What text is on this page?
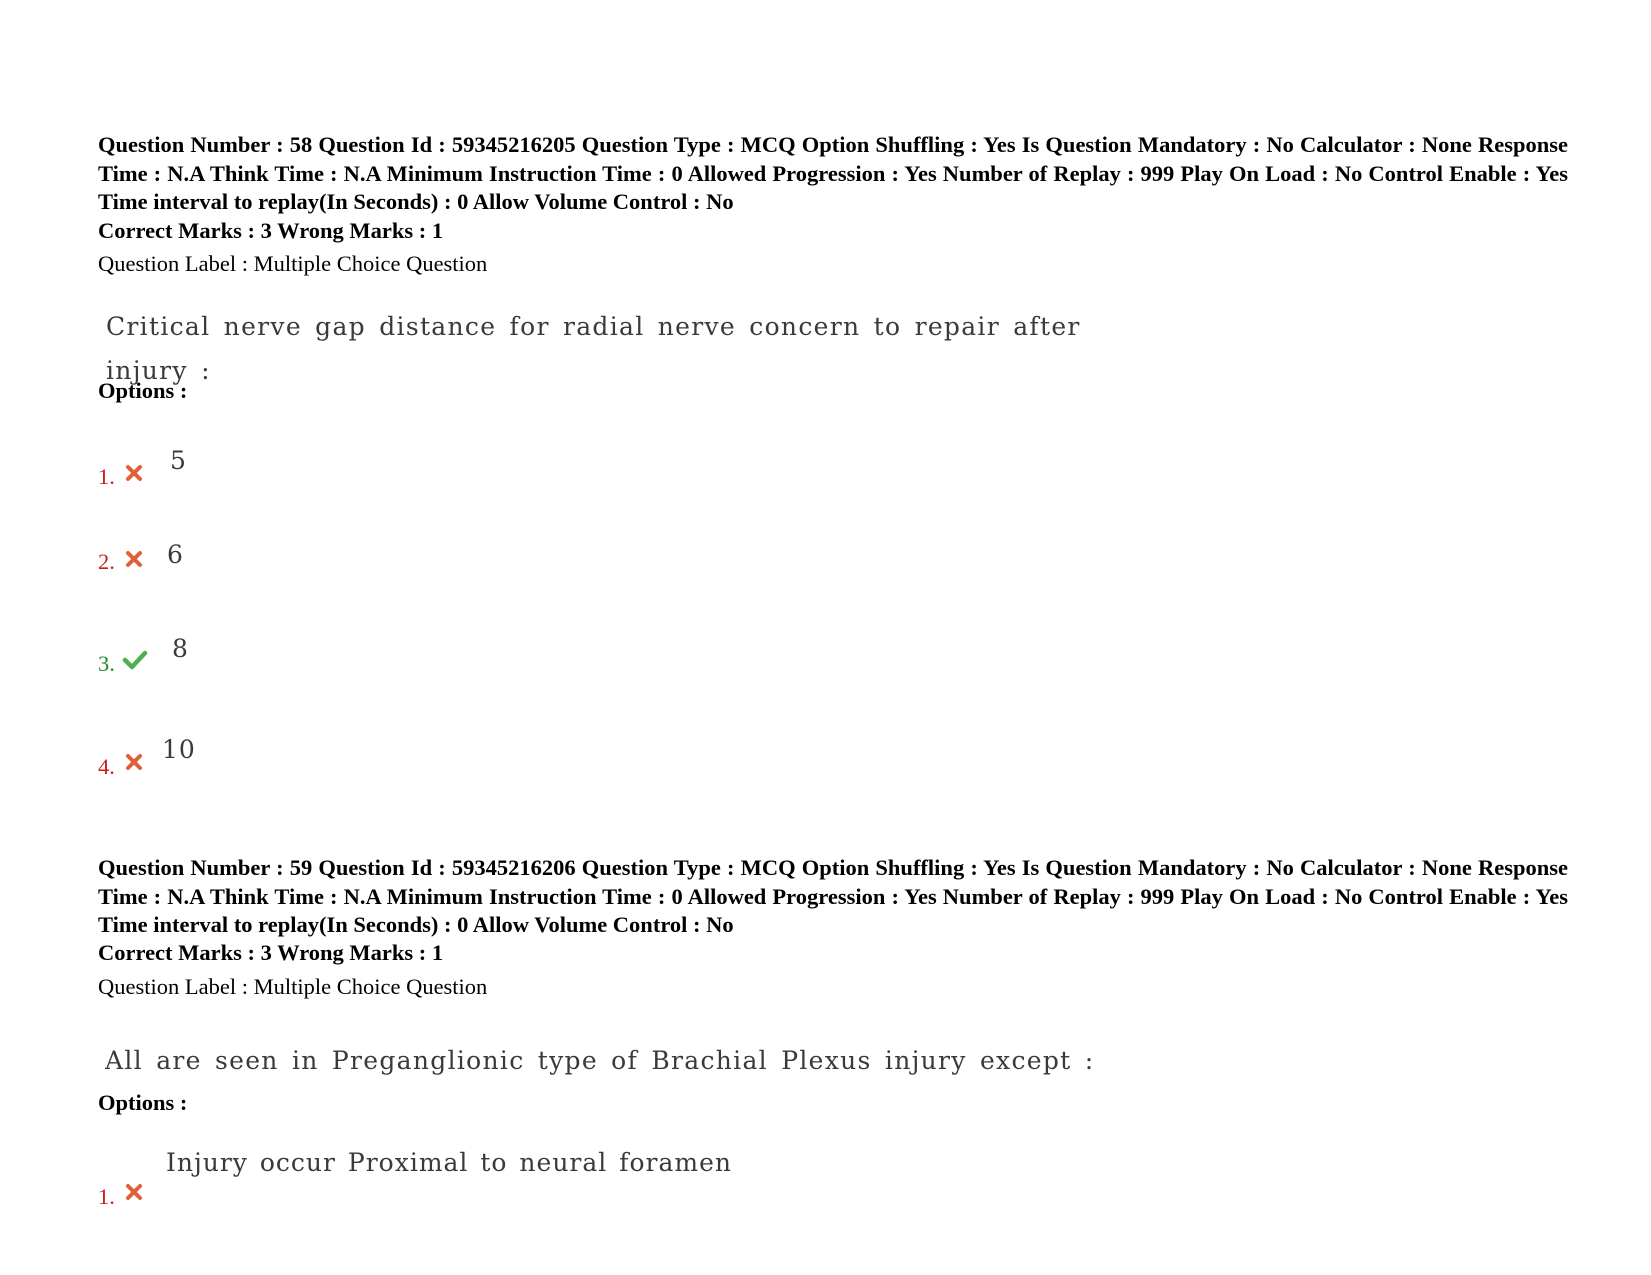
Question Number : 58 Question Id : 59345216205 Question Type : MCQ Option Shuffling : Yes Is Question Mandatory : No Calculator : None Response Time : N.A Think Time : N.A Minimum Instruction Time : 0 Allowed Progression : Yes Number of Replay : 999 Play On Load : No Control Enable : Yes Time interval to replay(In Seconds) : 0 Allow Volume Control : No
Correct Marks : 3 Wrong Marks : 1
Question Label : Multiple Choice Question
Critical nerve gap distance for radial nerve concern to repair after
injury :
Options :
1.
5
2. 6
3.
8
4.
10
Question Number : 59 Question Id : 59345216206 Question Type : MCQ Option Shuffling : Yes Is Question Mandatory : No Calculator : None Response Time : N.A Think Time : N.A Minimum Instruction Time : 0 Allowed Progression : Yes Number of Replay : 999 Play On Load : No Control Enable : Yes Time interval to replay(In Seconds) : 0 Allow Volume Control : No
Correct Marks : 3 Wrong Marks : 1
Question Label : Multiple Choice Question
All are seen in Preganglionic type of Brachial Plexus injury except :
Options :
1.
Injury occur Proximal to neural foramen
